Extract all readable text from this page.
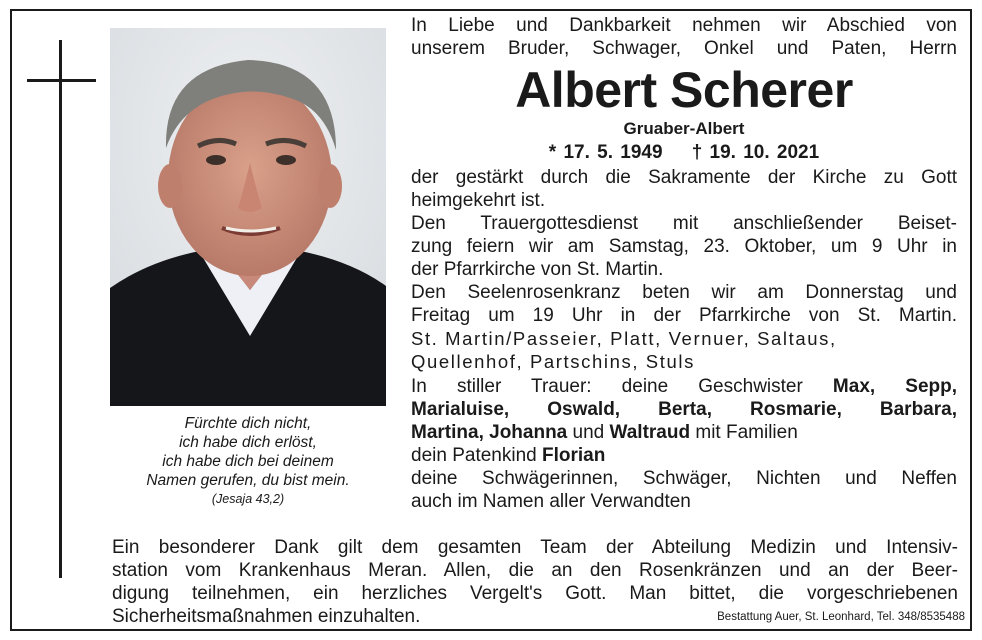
Fürchte dich nicht,
ich habe dich erlöst,
ich habe dich bei deinem
Namen gerufen, du bist mein.
(Jesaja 43,2)
In Liebe und Dankbarkeit nehmen wir Abschied von
unserem Bruder, Schwager, Onkel und Paten, Herrn
Albert Scherer
Gruaber-Albert
* 17. 5. 1949 † 19. 10. 2021
der gestärkt durch die Sakramente der Kirche zu Gott
heimgekehrt ist.
Den Trauergottesdienst mit anschließender Beiset-
zung feiern wir am Samstag, 23. Oktober, um 9 Uhr in
der Pfarrkirche von St. Martin.
Den Seelenrosenkranz beten wir am Donnerstag und
Freitag um 19 Uhr in der Pfarrkirche von St. Martin.
St. Martin/Passeier, Platt, Vernuer, Saltaus,
Quellenhof, Partschins, Stuls
In stiller Trauer: deine Geschwister Max, Sepp,
Marialuise, Oswald, Berta, Rosmarie, Barbara,
Martina, Johanna und Waltraud mit Familien
dein Patenkind Florian
deine Schwägerinnen, Schwäger, Nichten und Neffen
auch im Namen aller Verwandten
Ein besonderer Dank gilt dem gesamten Team der Abteilung Medizin und Intensiv-
station vom Krankenhaus Meran. Allen, die an den Rosenkränzen und an der Beer-
digung teilnehmen, ein herzliches Vergelt's Gott. Man bittet, die vorgeschriebenen
Sicherheitsmaßnahmen einzuhalten.	Bestattung Auer, St. Leonhard, Tel. 348/8535488
